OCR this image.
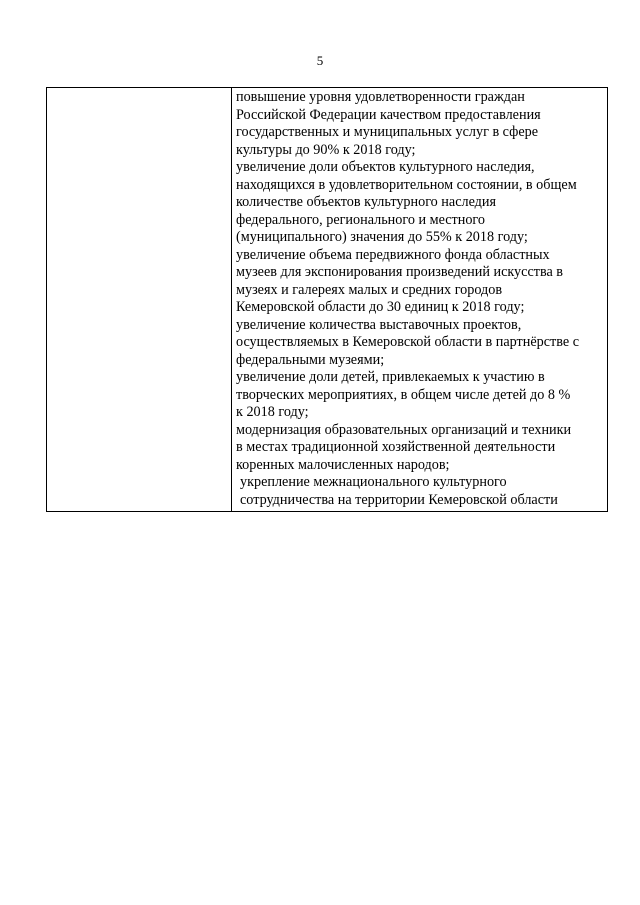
5

повышение уровня удовлетворенности граждан
Российской Федерации качеством предоставления
государственных и муниципальных услуг в сфере
культуры до 90% к 2018 году;
увеличение доли объектов культурного наследия,
находящихся в удовлетворительном состоянии, в общем
количестве объектов культурного наследия
федерального, регионального и местного
(муниципального) значения до 55% к 2018 году;
увеличение объема передвижного фонда областных
музеев для экспонирования произведений искусства в
музеях и галереях малых и средних городов
Кемеровской области до 30 единиц к 2018 году;
увеличение количества выставочных проектов,
осуществляемых в Кемеровской области в партнёрстве с
федеральными музеями;
увеличение доли детей, привлекаемых к участию в
творческих мероприятиях, в общем числе детей до 8 %
к 2018 году;
модернизация образовательных организаций и техники
в местах традиционной хозяйственной деятельности
коренных малочисленных народов;
укрепление межнационального культурного
сотрудничества на территории Кемеровской области
